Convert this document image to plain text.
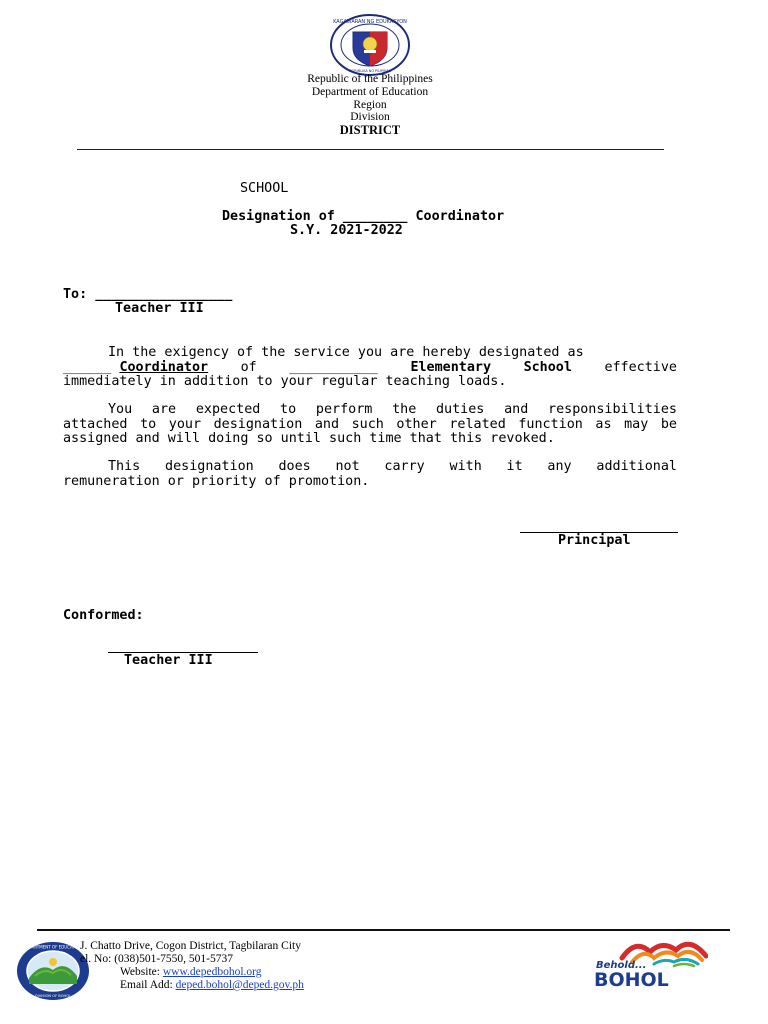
KAGAWARAN NG EDUKASYON
REPUBLIKA NG PILIPINAS
Republic of the Philippines
Department of Education
Region
Division
DISTRICT
SCHOOL
Designation of ________ Coordinator
S.Y. 2021-2022
To: _________________
Teacher III
In the exigency of the service you are hereby designated as
______ Coordinator of ___________ Elementary School effective
immediately in addition to your regular teaching loads.
You are expected to perform the duties and responsibilities
attached to your designation and such other related function as may be
assigned and will doing so until such time that this revoked.
This designation does not carry with it any additional
remuneration or priority of promotion.
Principal
Conformed:
Teacher III
DEPARTMENT OF EDUCATION
DIVISION OF BOHOL
J. Chatto Drive, Cogon District, Tagbilaran City
el. No: (038)501-7550, 501-5737
Website: www.depedbohol.org
Email Add: deped.bohol@deped.gov.ph
Behold...
BOHOL
